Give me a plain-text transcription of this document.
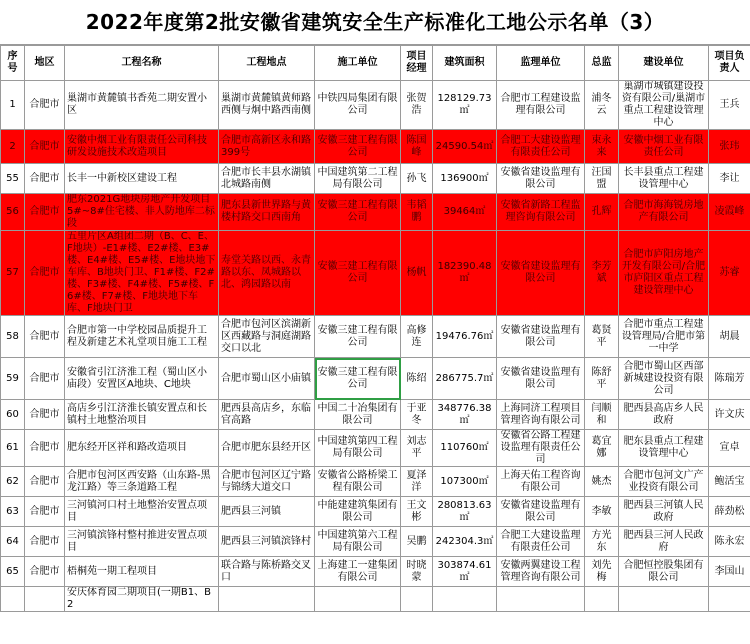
2022年度第2批安徽省建筑安全生产标准化工地公示名单（3）
序号	地区	工程名称	工程地点	施工单位	项目经理	建筑面积	监理单位	总监	建设单位	项目负责人
1	合肥市	巢湖市黄麓镇书香苑二期安置小区	巢湖市黄麓镇黄师路西侧与炯中路西南侧	中铁四局集团有限公司	张贺浩	128129.73㎡	合肥市工程建设监理有限公司	浦冬云	巢湖市城镇建设投资有限公司/巢湖市重点工程建设管理中心	王兵
2	合肥市	安徽中烟工业有限责任公司科技研发设施技术改造项目	合肥市高新区永和路399号	安徽三建工程有限公司	陈国峰	24590.54㎡	合肥工大建设监理有限责任公司	束永来	安徽中烟工业有限责任公司	张玮
55	合肥市	长丰一中新校区建设工程	合肥市长丰县水湖镇北城路南侧	中国建筑第二工程局有限公司	孙飞	136900㎡	安徽省建设监理有限公司	汪国盟	长丰县重点工程建设管理中心	李让
56	合肥市	肥东2021G地块房地产开发项目5#~8#住宅楼、非人防地库二标段	肥东县新世界路与黄楼村路交口西南角	安徽三建工程有限公司	韦韬鹏	39464㎡	安徽省新路工程监理咨询有限公司	孔辉	合肥市海海锐房地产有限公司	凌霞峰
57	合肥市	五里片区A组团二期（B、C、E、F地块）-E1#楼、E2#楼、E3#楼、E4#楼、E5#楼、E地块地下车库、B地块门卫、F1#楼、F2#楼、F3#楼、F4#楼、F5#楼、F6#楼、F7#楼、F地块地下车库、F地块门卫	寿堂关路以西、永青路以东、凤城路以北、鸿园路以南	安徽三建工程有限公司	杨帆	182390.48㎡	安徽省建设监理有限公司	李芳斌	合肥市庐阳房地产开发有限公司/合肥市庐阳区重点工程建设管理中心	苏睿
58	合肥市	合肥市第一中学校园品质提升工程及新建艺术礼堂项目施工工程	合肥市包河区滨湖新区西藏路与洞庭湖路交口以北	安徽三建工程有限公司	高修连	19476.76㎡	安徽省建设监理有限公司	葛贤平	合肥市重点工程建设管理局/合肥市第一中学	胡晨
59	合肥市	安徽省引江济淮工程（蜀山区小庙段）安置区A地块、C地块	合肥市蜀山区小庙镇	安徽三建工程有限公司	陈绍	286775.7㎡	安徽省建设监理有限公司	陈舒平	合肥市蜀山区西部新城建设投资有限公司	陈瑞芳
60	合肥市	高店乡引江济淮长镇安置点和长镇村土地整治项目	肥西县高店乡，东临官高路	中国二十冶集团有限公司	于亚冬	348776.38㎡	上海同济工程项目管理咨询有限公司	闫顺和	肥西县高店乡人民政府	许文庆
61	合肥市	肥东经开区祥和路改造项目	合肥市肥东县经开区	中国建筑第四工程局有限公司	刘志平	110760㎡	安徽省公路工程建设监理有限责任公司	葛宜娜	肥东县重点工程建设管理中心	宣卓
62	合肥市	合肥市包河区西安路（山东路-黑龙江路）等三条道路工程	合肥市包河区辽宁路与锦绣大道交口	安徽省公路桥梁工程有限公司	夏泽洋	107300㎡	上海天佑工程咨询有限公司	姚杰	合肥市包河文广产业投资有限公司	鲍活宝
63	合肥市	三河镇河口村土地整治安置点项目	肥西县三河镇	中能建建筑集团有限公司	王文彬	280813.63㎡	安徽省建设监理有限公司	李敏	肥西县三河镇人民政府	薛劲松
64	合肥市	三河镇滨锋村整村推进安置点项目	肥西县三河镇滨锋村	中国建筑第六工程局有限公司	吴鹏	242304.3㎡	合肥工大建设监理有限责任公司	方光东	肥西县三河人民政府	陈永宏
65	合肥市	梧桐苑一期工程项目	联合路与陈桥路交叉口	上海建工一建集团有限公司	时晓蒙	303874.61㎡	安徽两翼建设工程管理咨询有限公司	刘先梅	合肥恒控股集团有限公司	李国山
		安庆体育园二期项目(一期B1、B2								
